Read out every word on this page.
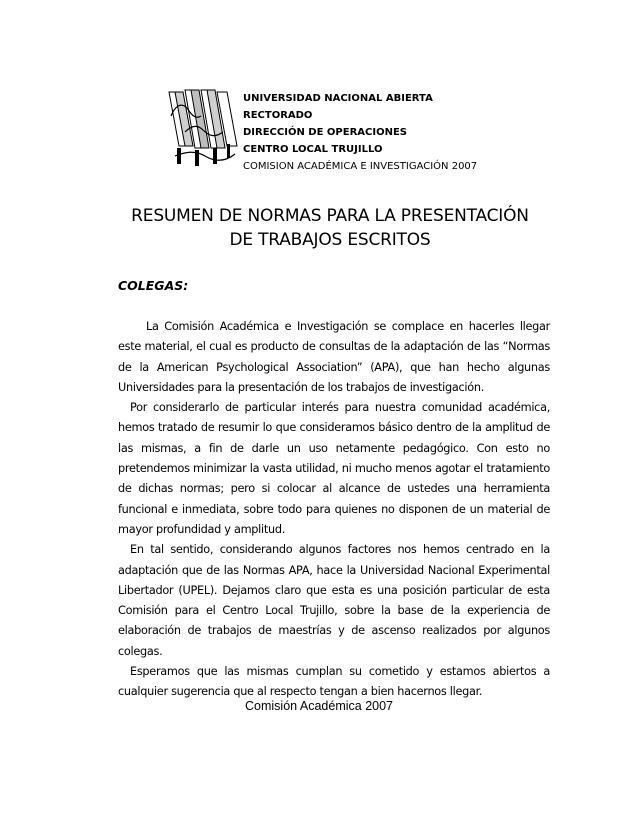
UNIVERSIDAD NACIONAL ABIERTA
RECTORADO
DIRECCIÓN DE OPERACIONES
CENTRO LOCAL TRUJILLO
COMISION ACADÉMICA E INVESTIGACIÓN 2007
RESUMEN DE NORMAS PARA LA PRESENTACIÓN
DE TRABAJOS ESCRITOS
COLEGAS:

La Comisión Académica e Investigación se complace en hacerles llegar este material, el cual es producto de consultas de la adaptación de las “Normas de la American Psychological Association” (APA), que han hecho algunas Universidades para la presentación de los trabajos de investigación.

Por considerarlo de particular interés para nuestra comunidad académica, hemos tratado de resumir lo que consideramos básico dentro de la amplitud de las mismas, a fin de darle un uso netamente pedagógico. Con esto no pretendemos minimizar la vasta utilidad, ni mucho menos agotar el tratamiento de dichas normas; pero si colocar al alcance de ustedes una herramienta funcional e inmediata, sobre todo para quienes no disponen de un material de mayor profundidad y amplitud.

En tal sentido, considerando algunos factores nos hemos centrado en la adaptación que de las Normas APA, hace la Universidad Nacional Experimental Libertador (UPEL). Dejamos claro que esta es una posición particular de esta Comisión para el Centro Local Trujillo, sobre la base de la experiencia de elaboración de trabajos de maestrías y de ascenso realizados por algunos colegas.

Esperamos que las mismas cumplan su cometido y estamos abiertos a cualquier sugerencia que al respecto tengan a bien hacernos llegar.

Comisión Académica 2007
